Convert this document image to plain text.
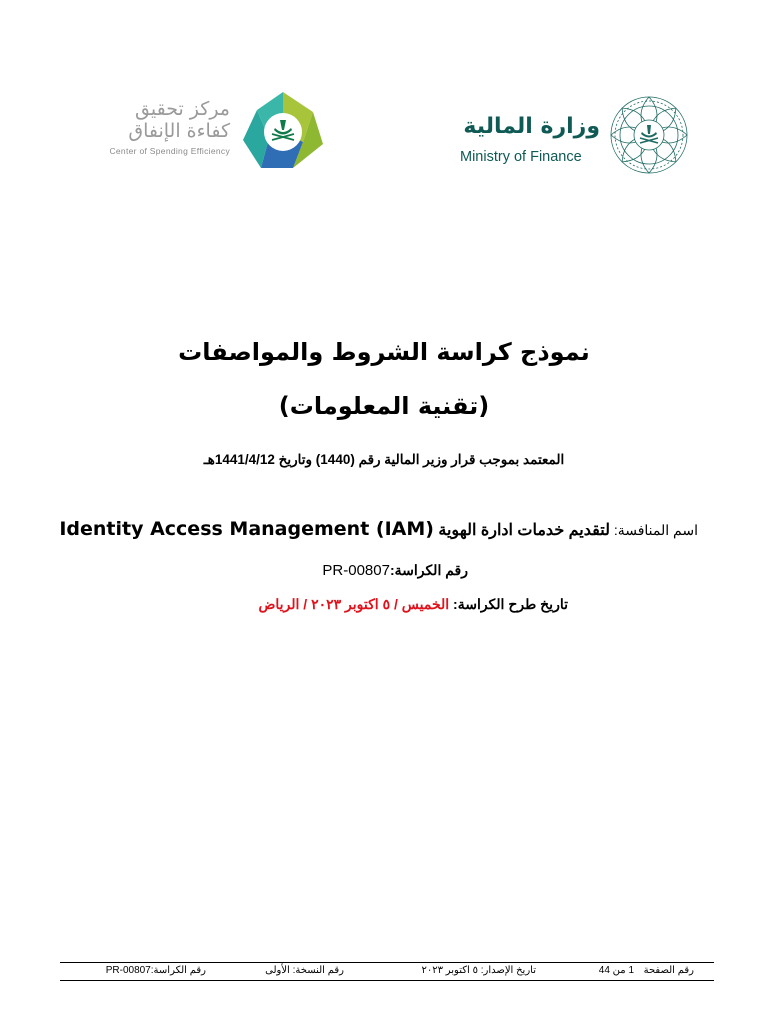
مركز تحقيق
كفاءة الإنفاق
Center of Spending Efficiency
وزارة المالية
Ministry of Finance
نموذج كراسة الشروط والمواصفات
(تقنية المعلومات)
المعتمد بموجب قرار وزير المالية رقم (1440) وتاريخ 1441/4/12هـ
اسم المنافسة: لتقديم خدمات ادارة الهوية Identity Access Management (IAM)
رقم الكراسة:PR-00807
تاريخ طرح الكراسة: الخميس / ٥ اكتوبر ٢٠٢٣ / الرياض
رقم الصفحة
1 من 44
تاريخ الإصدار: ٥ اكتوبر ٢٠٢٣
رقم النسخة: الأولى
رقم الكراسة:PR-00807
